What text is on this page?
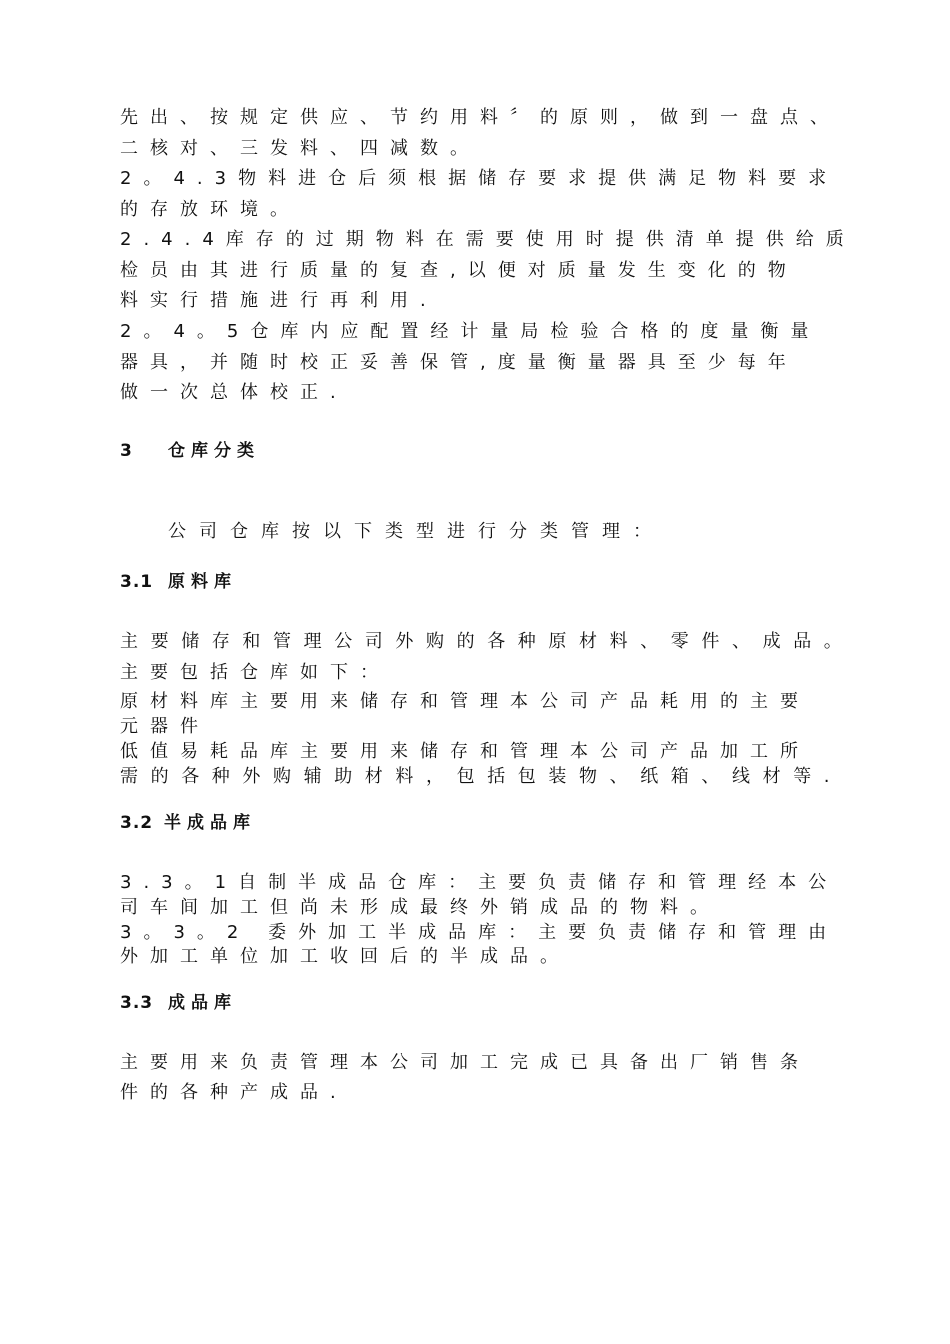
先出、按规定供应、节约用料〞的原则，做到一盘点、
二核对、三发料、四减数。
2。4.3物料进仓后须根据储存要求提供满足物料要求
的存放环境。
2.4.4库存的过期物料在需要使用时提供清单提供给质
检员由其进行质量的复查,以便对质量发生变化的物
料实行措施进行再利用.
2。4。5仓库内应配置经计量局检验合格的度量衡量
器具，并随时校正妥善保管,度量衡量器具至少每年
做一次总体校正.
3 仓库分类
公司仓库按以下类型进行分类管理：
3.1 原料库
主要储存和管理公司外购的各种原材料、零件、成品。
主要包括仓库如下：
原材料库主要用来储存和管理本公司产品耗用的主要
元器件
低值易耗品库主要用来储存和管理本公司产品加工所
需的各种外购辅助材料，包括包装物、纸箱、线材等.
3.2 半成品库
3.3。1自制半成品仓库：主要负责储存和管理经本公
司车间加工但尚未形成最终外销成品的物料。
3。3。2 委外加工半成品库：主要负责储存和管理由
外加工单位加工收回后的半成品。
3.3 成品库
主要用来负责管理本公司加工完成已具备出厂销售条
件的各种产成品.
